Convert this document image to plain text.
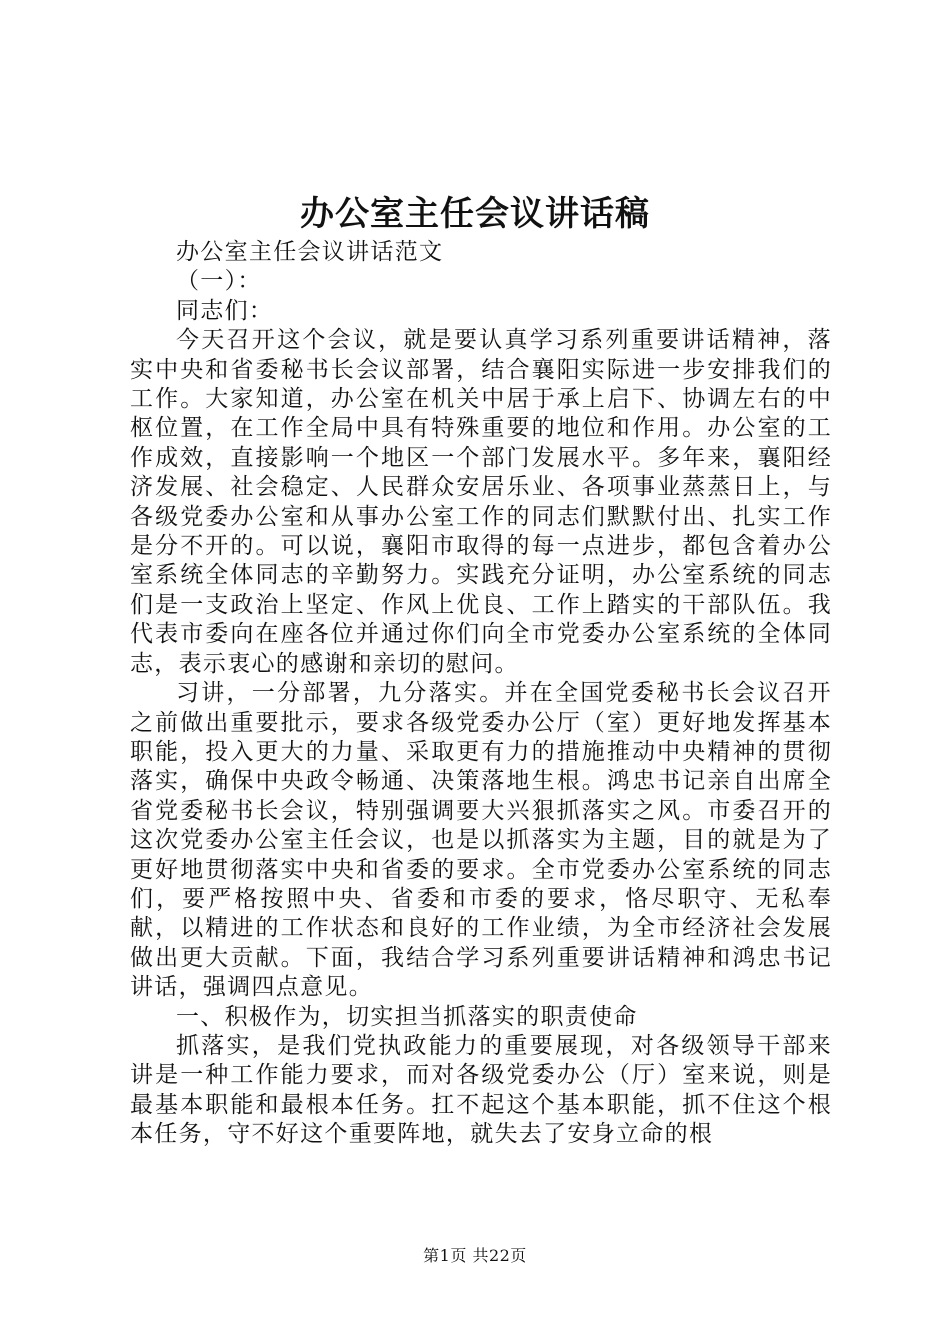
办公室主任会议讲话稿

办公室主任会议讲话范文

（一）：

同志们：

今天召开这个会议，就是要认真学习系列重要讲话精神，落实中央和省委秘书长会议部署，结合襄阳实际进一步安排我们的工作。大家知道，办公室在机关中居于承上启下、协调左右的中枢位置，在工作全局中具有特殊重要的地位和作用。办公室的工作成效，直接影响一个地区一个部门发展水平。多年来，襄阳经济发展、社会稳定、人民群众安居乐业、各项事业蒸蒸日上，与各级党委办公室和从事办公室工作的同志们默默付出、扎实工作是分不开的。可以说，襄阳市取得的每一点进步，都包含着办公室系统全体同志的辛勤努力。实践充分证明，办公室系统的同志们是一支政治上坚定、作风上优良、工作上踏实的干部队伍。我代表市委向在座各位并通过你们向全市党委办公室系统的全体同志，表示衷心的感谢和亲切的慰问。

习讲，一分部署，九分落实。并在全国党委秘书长会议召开之前做出重要批示，要求各级党委办公厅（室）更好地发挥基本职能，投入更大的力量、采取更有力的措施推动中央精神的贯彻落实，确保中央政令畅通、决策落地生根。鸿忠书记亲自出席全省党委秘书长会议，特别强调要大兴狠抓落实之风。市委召开的这次党委办公室主任会议，也是以抓落实为主题，目的就是为了更好地贯彻落实中央和省委的要求。全市党委办公室系统的同志们，要严格按照中央、省委和市委的要求，恪尽职守、无私奉献，以精进的工作状态和良好的工作业绩，为全市经济社会发展做出更大贡献。下面，我结合学习系列重要讲话精神和鸿忠书记讲话，强调四点意见。

一、积极作为，切实担当抓落实的职责使命

抓落实，是我们党执政能力的重要展现，对各级领导干部来讲是一种工作能力要求，而对各级党委办公（厅）室来说，则是最基本职能和最根本任务。扛不起这个基本职能，抓不住这个根本任务，守不好这个重要阵地，就失去了安身立命的根

第1页 共22页
